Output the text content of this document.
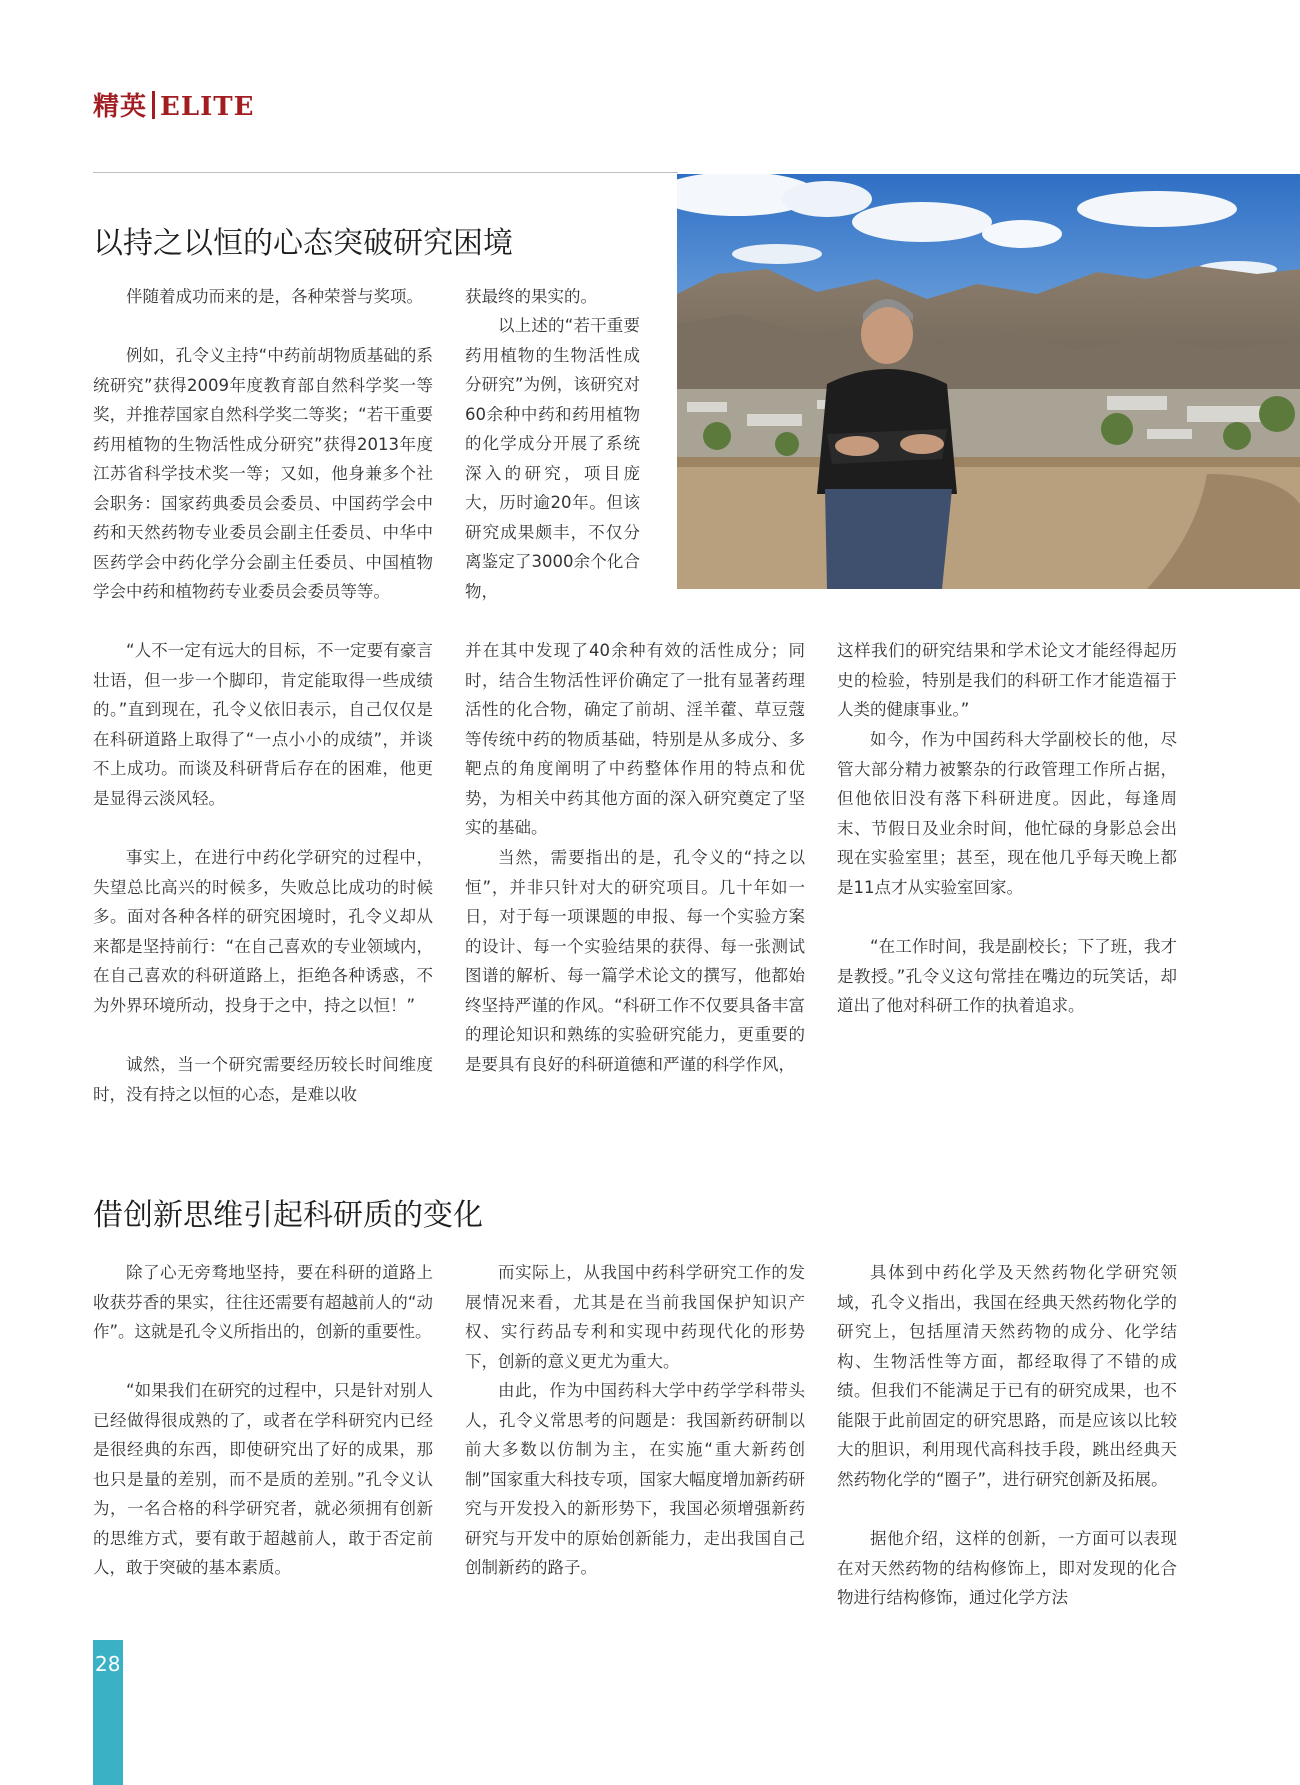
精英 ELITE
以持之以恒的心态突破研究困境
伴随着成功而来的是，各种荣誉与奖项。
例如，孔令义主持“中药前胡物质基础的系统研究”获得2009年度教育部自然科学奖一等奖，并推荐国家自然科学奖二等奖；“若干重要药用植物的生物活性成分研究”获得2013年度江苏省科学技术奖一等；又如，他身兼多个社会职务：国家药典委员会委员、中国药学会中药和天然药物专业委员会副主任委员、中华中医药学会中药化学分会副主任委员、中国植物学会中药和植物药专业委员会委员等等。
“人不一定有远大的目标，不一定要有豪言壮语，但一步一个脚印，肯定能取得一些成绩的。”直到现在，孔令义依旧表示，自己仅仅是在科研道路上取得了“一点小小的成绩”，并谈不上成功。而谈及科研背后存在的困难，他更是显得云淡风轻。
事实上，在进行中药化学研究的过程中，失望总比高兴的时候多，失败总比成功的时候多。面对各种各样的研究困境时，孔令义却从来都是坚持前行：“在自己喜欢的专业领域内，在自己喜欢的科研道路上，拒绝各种诱惑，不为外界环境所动，投身于之中，持之以恒！”
诚然，当一个研究需要经历较长时间维度时，没有持之以恒的心态，是难以收
获最终的果实的。
以上述的“若干重要药用植物的生物活性成分研究”为例，该研究对60余种中药和药用植物的化学成分开展了系统深入的研究，项目庞大，历时逾20年。但该研究成果颇丰，不仅分离鉴定了3000余个化合物，
并在其中发现了40余种有效的活性成分；同时，结合生物活性评价确定了一批有显著药理活性的化合物，确定了前胡、淫羊藿、草豆蔻等传统中药的物质基础，特别是从多成分、多靶点的角度阐明了中药整体作用的特点和优势，为相关中药其他方面的深入研究奠定了坚实的基础。
当然，需要指出的是，孔令义的“持之以恒”，并非只针对大的研究项目。几十年如一日，对于每一项课题的申报、每一个实验方案的设计、每一个实验结果的获得、每一张测试图谱的解析、每一篇学术论文的撰写，他都始终坚持严谨的作风。“科研工作不仅要具备丰富的理论知识和熟练的实验研究能力，更重要的是要具有良好的科研道德和严谨的科学作风，
这样我们的研究结果和学术论文才能经得起历史的检验，特别是我们的科研工作才能造福于人类的健康事业。”
如今，作为中国药科大学副校长的他，尽管大部分精力被繁杂的行政管理工作所占据，但他依旧没有落下科研进度。因此，每逢周末、节假日及业余时间，他忙碌的身影总会出现在实验室里；甚至，现在他几乎每天晚上都是11点才从实验室回家。
“在工作时间，我是副校长；下了班，我才是教授。”孔令义这句常挂在嘴边的玩笑话，却道出了他对科研工作的执着追求。
借创新思维引起科研质的变化
除了心无旁骛地坚持，要在科研的道路上收获芬香的果实，往往还需要有超越前人的“动作”。这就是孔令义所指出的，创新的重要性。
“如果我们在研究的过程中，只是针对别人已经做得很成熟的了，或者在学科研究内已经是很经典的东西，即使研究出了好的成果，那也只是量的差别，而不是质的差别。”孔令义认为，一名合格的科学研究者，就必须拥有创新的思维方式，要有敢于超越前人，敢于否定前人，敢于突破的基本素质。
而实际上，从我国中药科学研究工作的发展情况来看，尤其是在当前我国保护知识产权、实行药品专利和实现中药现代化的形势下，创新的意义更尤为重大。
由此，作为中国药科大学中药学学科带头人，孔令义常思考的问题是：我国新药研制以前大多数以仿制为主，在实施“重大新药创制”国家重大科技专项，国家大幅度增加新药研究与开发投入的新形势下，我国必须增强新药研究与开发中的原始创新能力，走出我国自己创制新药的路子。
具体到中药化学及天然药物化学研究领域，孔令义指出，我国在经典天然药物化学的研究上，包括厘清天然药物的成分、化学结构、生物活性等方面，都经取得了不错的成绩。但我们不能满足于已有的研究成果，也不能限于此前固定的研究思路，而是应该以比较大的胆识，利用现代高科技手段，跳出经典天然药物化学的“圈子”，进行研究创新及拓展。
据他介绍，这样的创新，一方面可以表现在对天然药物的结构修饰上，即对发现的化合物进行结构修饰，通过化学方法
28
